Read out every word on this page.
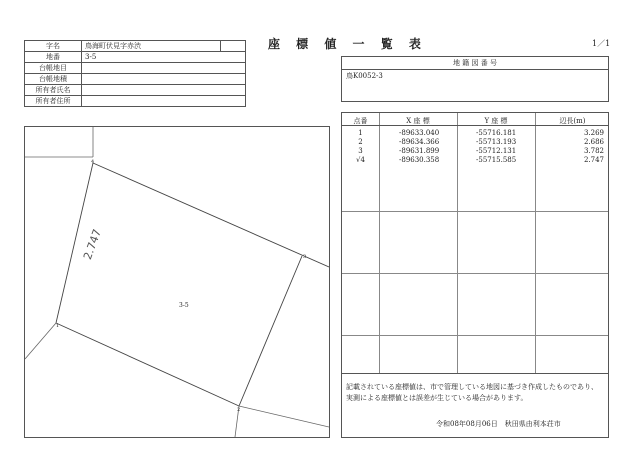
座 標 値 一 覧 表	1／1
字名	鳥海町伏見字赤渋	
地番	3-5	
台帳地目		
台帳地積		
所有者氏名		
所有者住所		
地 籍 図 番 号
鳥K0052-3
4
3
1
2
3-5
2.747
点番	X 座 標	Y 座 標	辺長(m)
1	-89633.040	-55716.181	3.269
2	-89634.366	-55713.193	2.686
3	-89631.899	-55712.131	3.782
√4	-89630.358	-55715.585	2.747
記載されている座標値は、市で管理している地図に基づき作成したものであり、
実測による座標値とは誤差が生じている場合があります。
令和08年08月06日　秋田県由利本荘市
